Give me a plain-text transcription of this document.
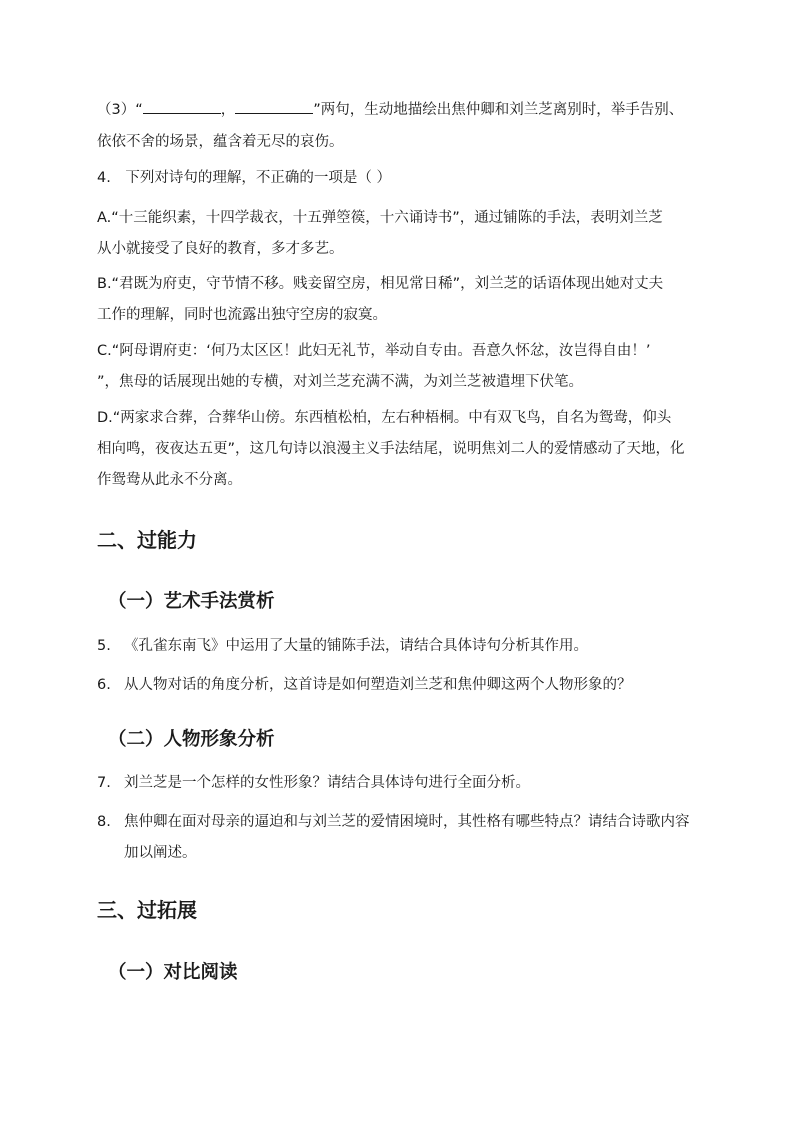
（3）“	，	”两句，生动地描绘出焦仲卿和刘兰芝离别时，举手告别、
依依不舍的场景，蕴含着无尽的哀伤。
4.　下列对诗句的理解，不正确的一项是（ ）
A.“十三能织素，十四学裁衣，十五弹箜篌，十六诵诗书”，通过铺陈的手法，表明刘兰芝
从小就接受了良好的教育，多才多艺。
B.“君既为府吏，守节情不移。贱妾留空房，相见常日稀”，刘兰芝的话语体现出她对丈夫
工作的理解，同时也流露出独守空房的寂寞。
C.“阿母谓府吏：‘何乃太区区！此妇无礼节，举动自专由。吾意久怀忿，汝岂得自由！’
”，焦母的话展现出她的专横，对刘兰芝充满不满，为刘兰芝被遣埋下伏笔。
D.“两家求合葬，合葬华山傍。东西植松柏，左右种梧桐。中有双飞鸟，自名为鸳鸯，仰头
相向鸣，夜夜达五更”，这几句诗以浪漫主义手法结尾，说明焦刘二人的爱情感动了天地，化
作鸳鸯从此永不分离。
二、过能力
（一）艺术手法赏析
5. 《孔雀东南飞》中运用了大量的铺陈手法，请结合具体诗句分析其作用。
6. 从人物对话的角度分析，这首诗是如何塑造刘兰芝和焦仲卿这两个人物形象的？
（二）人物形象分析
7. 刘兰芝是一个怎样的女性形象？请结合具体诗句进行全面分析。
8. 焦仲卿在面对母亲的逼迫和与刘兰芝的爱情困境时，其性格有哪些特点？请结合诗歌内容
加以阐述。
三、过拓展
（一）对比阅读
